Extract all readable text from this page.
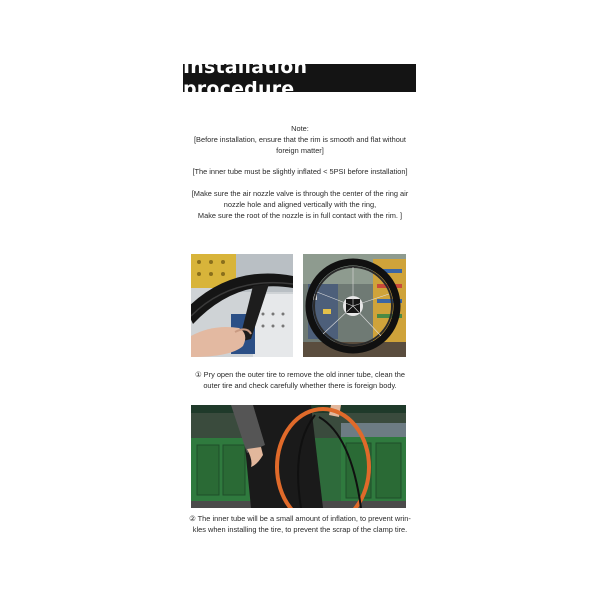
Installation procedure

Note:

[Before installation, ensure that the rim is smooth and flat without

foreign matter]

[The inner tube must be slightly inflated < 5PSI before installation]

[Make sure the air nozzle valve is through the center of the ring air

nozzle hole and aligned vertically with the ring,

Make sure the root of the nozzle is in full contact with the rim. ]

① Pry open the outer tire to remove the old inner tube, clean the
outer tire and check carefully whether there is foreign body.
② The inner tube will be a small amount of inflation, to prevent wrin-
kles when installing the tire, to prevent the scrap of the clamp tire.
